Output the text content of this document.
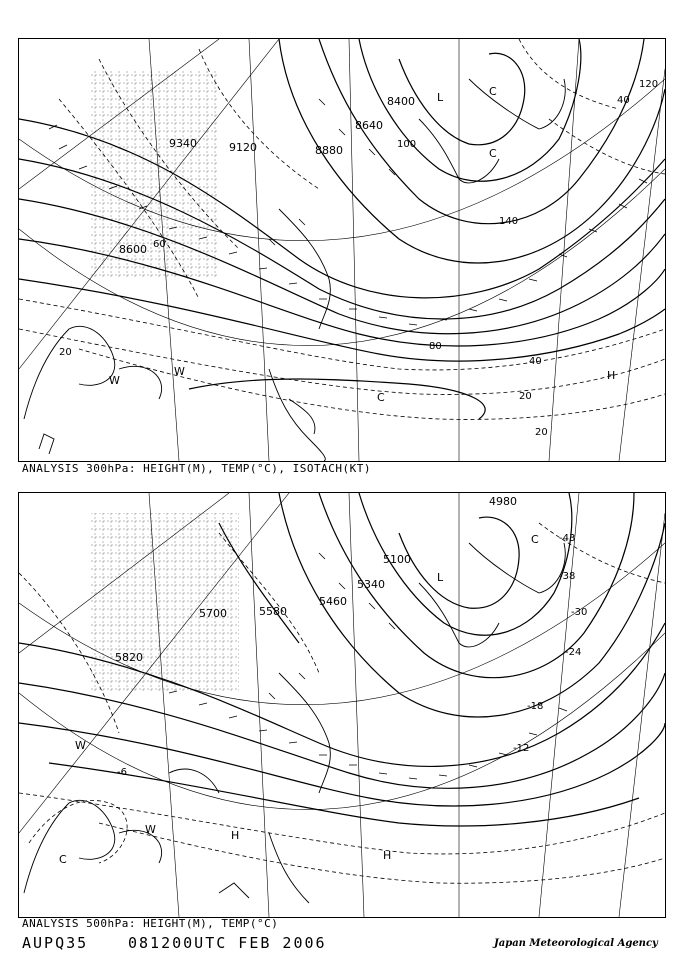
9340	9120	8880
8640
8400
8600
20
40
60
80
100
120
140
20
20
40
L	C
C
C
H
W
W
ANALYSIS 300hPa: HEIGHT(M), TEMP(°C), ISOTACH(KT)
5820
5700	5580
5460
5340
5100
4980
-43
-38
-30
-24
-18
-12
-6
L
C
C
H
H
W
W
ANALYSIS 500hPa: HEIGHT(M), TEMP(°C)
AUPQ35	081200UTC FEB 2006	Japan Meteorological Agency
